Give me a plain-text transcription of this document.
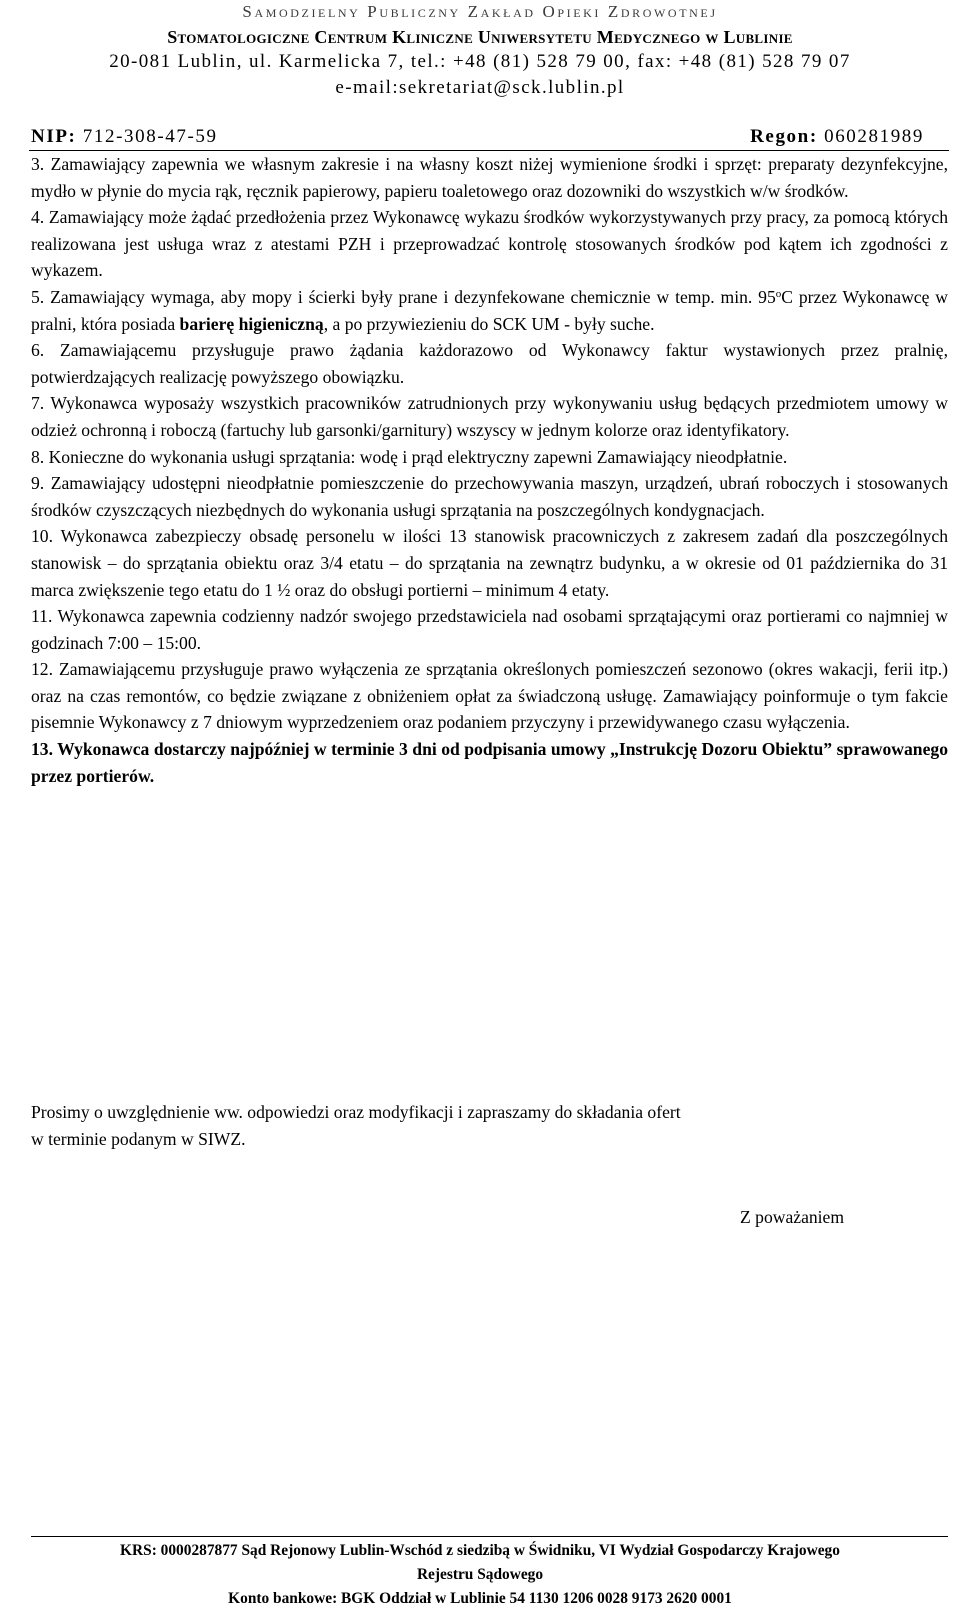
Samodzielny Publiczny Zakład Opieki Zdrowotnej
Stomatologiczne Centrum Kliniczne Uniwersytetu Medycznego w Lublinie
20-081 Lublin, ul. Karmelicka 7, tel.: +48 (81) 528 79 00, fax: +48 (81) 528 79 07
e-mail:sekretariat@sck.lublin.pl
NIP: 712-308-47-59	Regon: 060281989

3. Zamawiający zapewnia we własnym zakresie i na własny koszt niżej wymienione środki i sprzęt: preparaty dezynfekcyjne, mydło w płynie do mycia rąk, ręcznik papierowy, papieru toaletowego oraz dozowniki do wszystkich w/w środków.

4. Zamawiający może żądać przedłożenia przez Wykonawcę wykazu środków wykorzystywanych przy pracy, za pomocą których realizowana jest usługa wraz z atestami PZH i przeprowadzać kontrolę stosowanych środków pod kątem ich zgodności z wykazem.

5. Zamawiający wymaga, aby mopy i ścierki były prane i dezynfekowane chemicznie w temp. min. 95$^o$C przez Wykonawcę w pralni, która posiada barierę higieniczną, a po przywiezieniu do SCK UM - były suche.

6. Zamawiającemu przysługuje prawo żądania każdorazowo od Wykonawcy faktur wystawionych przez pralnię, potwierdzających realizację powyższego obowiązku.

7. Wykonawca wyposaży wszystkich pracowników zatrudnionych przy wykonywaniu usług będących przedmiotem umowy w odzież ochronną i roboczą (fartuchy lub garsonki/garnitury) wszyscy w jednym kolorze oraz identyfikatory.

8. Konieczne do wykonania usługi sprzątania: wodę i prąd elektryczny zapewni Zamawiający nieodpłatnie.

9. Zamawiający udostępni nieodpłatnie pomieszczenie do przechowywania maszyn, urządzeń, ubrań roboczych i stosowanych środków czyszczących niezbędnych do wykonania usługi sprzątania na poszczególnych kondygnacjach.

10. Wykonawca zabezpieczy obsadę personelu w ilości 13 stanowisk pracowniczych z zakresem zadań dla poszczególnych stanowisk – do sprzątania obiektu oraz 3/4 etatu – do sprzątania na zewnątrz budynku, a w okresie od 01 października do 31 marca zwiększenie tego etatu do 1 ½ oraz do obsługi portierni – minimum 4 etaty.

11. Wykonawca zapewnia codzienny nadzór swojego przedstawiciela nad osobami sprzątającymi oraz portierami co najmniej w godzinach 7:00 – 15:00.

12. Zamawiającemu przysługuje prawo wyłączenia ze sprzątania określonych pomieszczeń sezonowo (okres wakacji, ferii itp.) oraz na czas remontów, co będzie związane z obniżeniem opłat za świadczoną usługę. Zamawiający poinformuje o tym fakcie pisemnie Wykonawcy z 7 dniowym wyprzedzeniem oraz podaniem przyczyny i przewidywanego czasu wyłączenia.

13. Wykonawca dostarczy najpóźniej w terminie 3 dni od podpisania umowy „Instrukcję Dozoru Obiektu” sprawowanego przez portierów.

Prosimy o uwzględnienie ww. odpowiedzi oraz modyfikacji i zapraszamy do składania ofert

w terminie podanym w SIWZ.

Z poważaniem

KRS: 0000287877 Sąd Rejonowy Lublin-Wschód z siedzibą w Świdniku, VI Wydział Gospodarczy Krajowego

Rejestru Sądowego

Konto bankowe: BGK Oddział w Lublinie 54 1130 1206 0028 9173 2620 0001
